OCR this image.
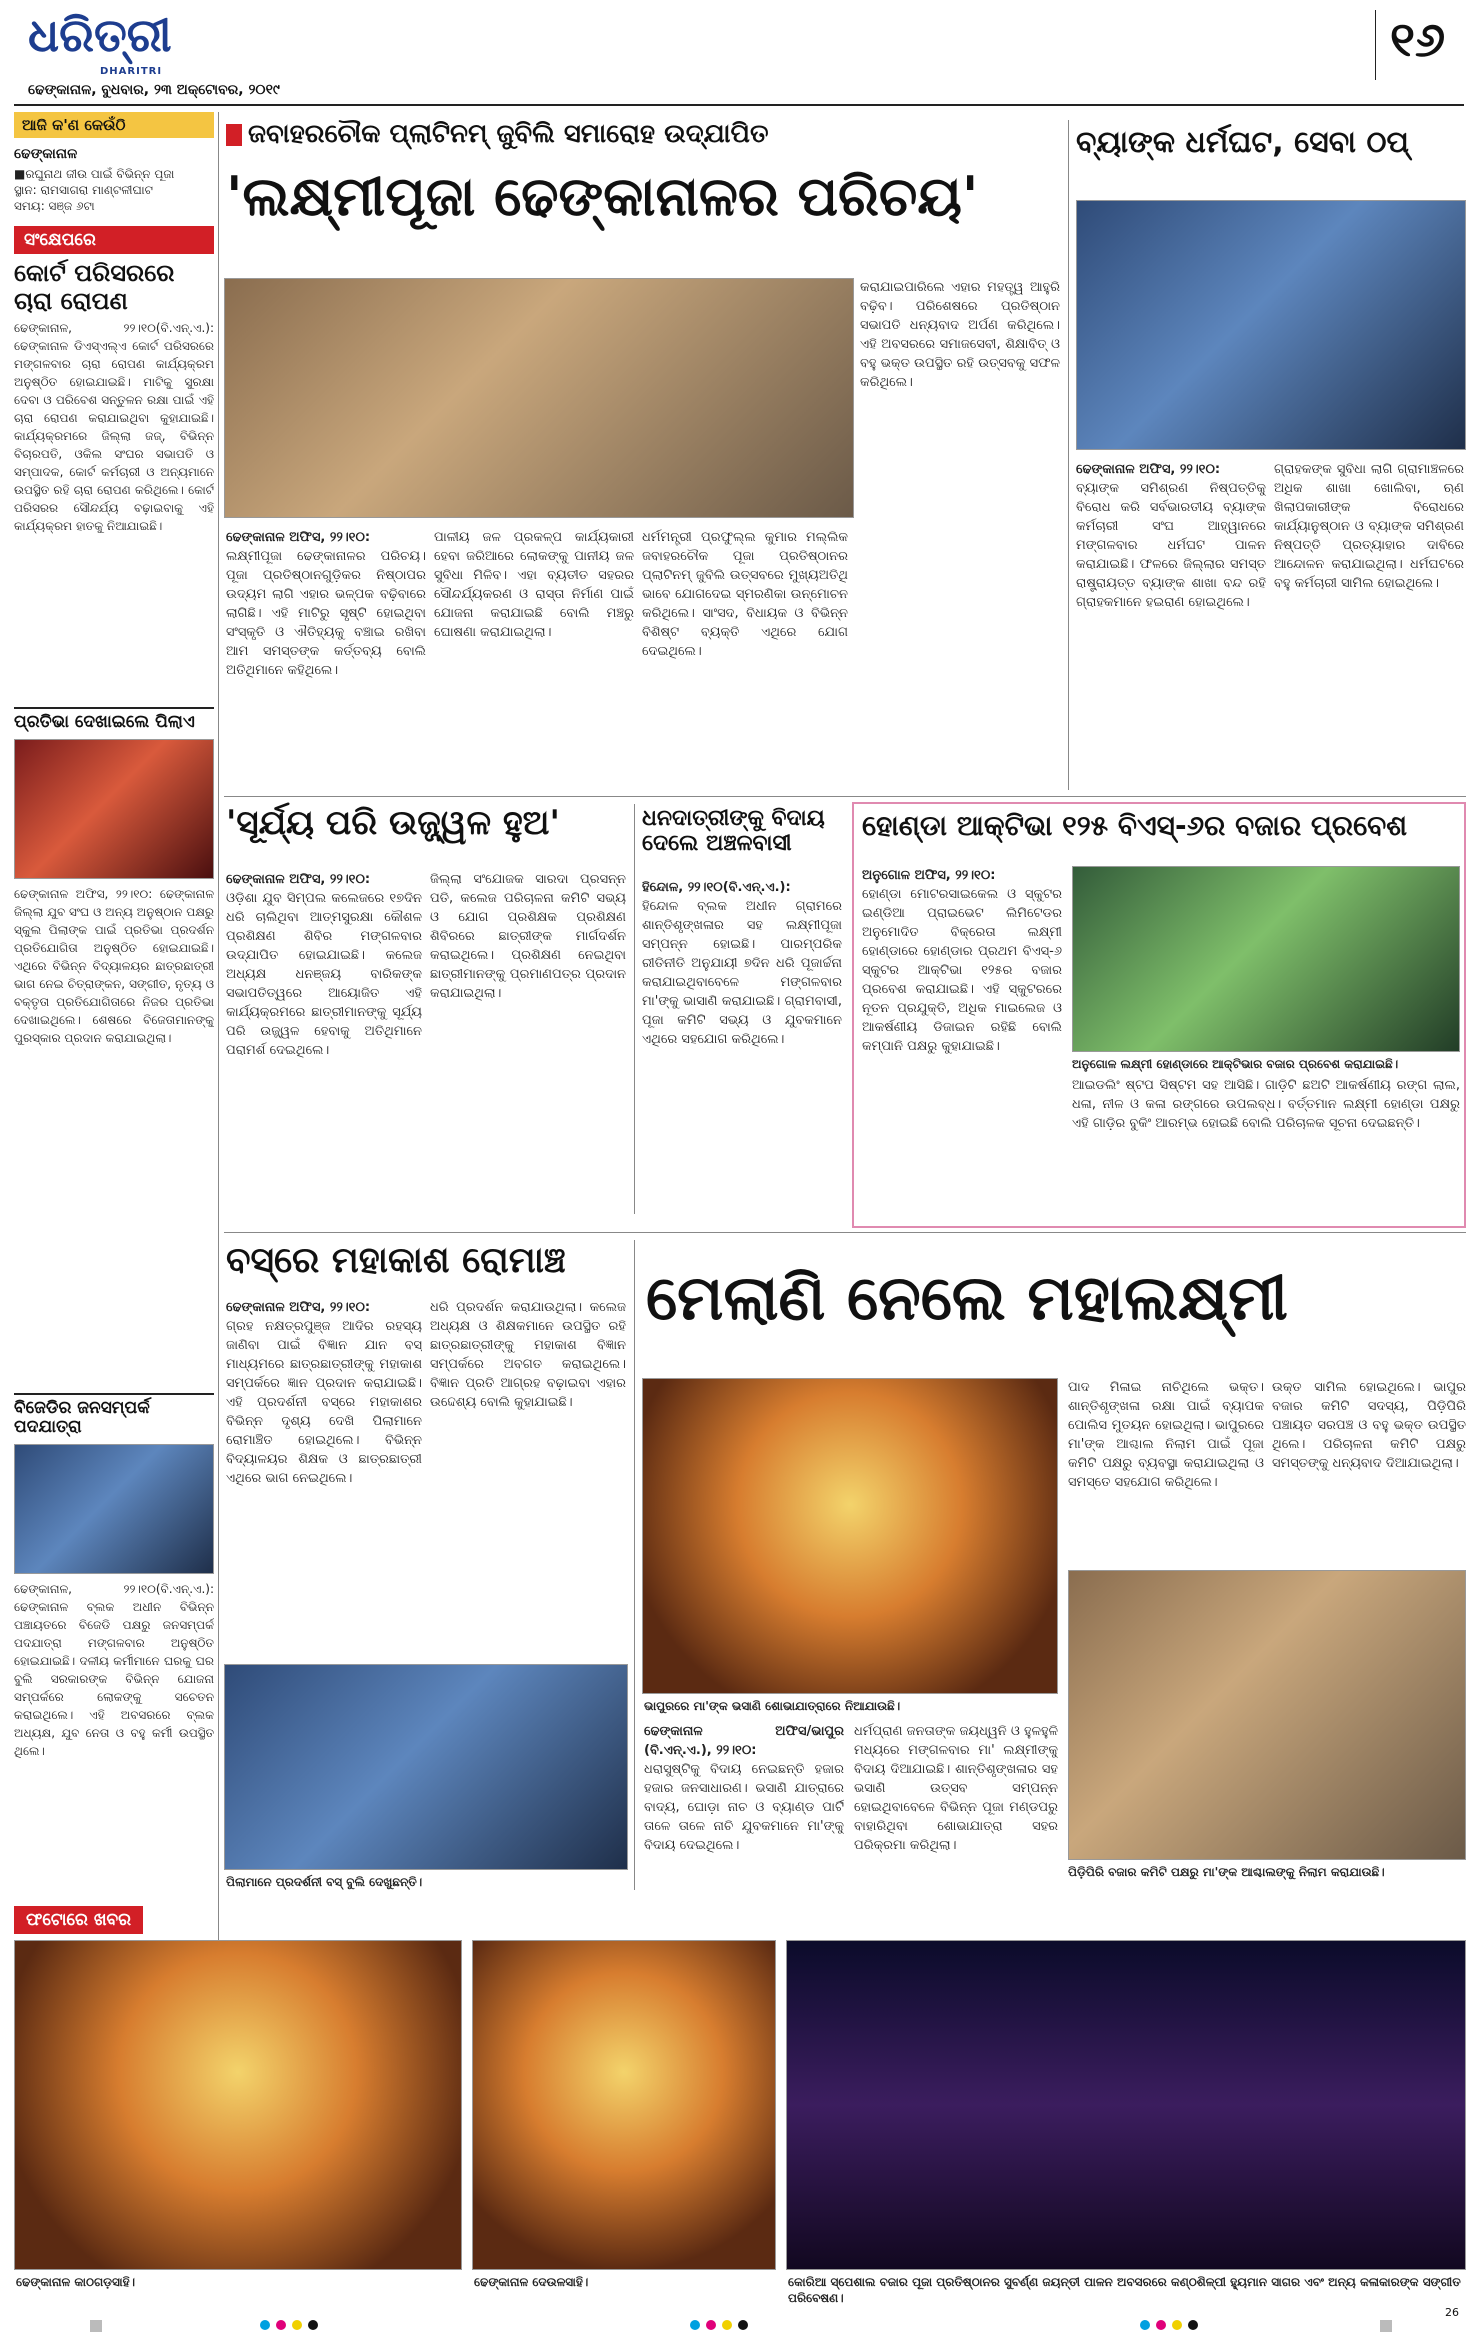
ଧରିତ୍ରୀ
DHARITRI
ଢେଙ୍କାନାଳ, ବୁଧବାର, ୨୩ ଅକ୍ଟୋବର, ୨୦୧୯
୧୬
ଆଜି କ'ଣ କେଉଁଠି
ଢେଙ୍କାନାଳ
■ରଘୁନାଥ ଜୀଉ ପାଇଁ ବିଭିନ୍ନ ପୂଜା
ସ୍ଥାନ: ରାମସାଗରା ମାଣ୍ଟଳୀଘାଟ
ସମୟ: ସଞ୍ଜ ୬ଟା
ସଂକ୍ଷେପରେ
କୋର୍ଟ ପରିସରରେ ଚାରା ରୋପଣ
ଢେଙ୍କାନାଳ, ୨୨।୧୦(ବି.ଏନ୍.ଏ.): ଢେଙ୍କାନାଳ ଡିଏସ୍ଏଲ୍ଏ କୋର୍ଟ ପରିସରରେ ମଙ୍ଗଳବାର ଚାରା ରୋପଣ କାର୍ଯ୍ୟକ୍ରମ ଅନୁଷ୍ଠିତ ହୋଇଯାଇଛି। ମାଟିକୁ ସୁରକ୍ଷା ଦେବା ଓ ପରିବେଶ ସନ୍ତୁଳନ ରକ୍ଷା ପାଇଁ ଏହି ଚାରା ରୋପଣ କରାଯାଇଥିବା କୁହାଯାଇଛି। କାର୍ଯ୍ୟକ୍ରମରେ ଜିଲ୍ଲା ଜଜ୍, ବିଭିନ୍ନ ବିଚାରପତି, ଓକିଲ ସଂଘର ସଭାପତି ଓ ସମ୍ପାଦକ, କୋର୍ଟ କର୍ମଚାରୀ ଓ ଅନ୍ୟମାନେ ଉପସ୍ଥିତ ରହି ଚାରା ରୋପଣ କରିଥିଲେ। କୋର୍ଟ ପରିସରର ସୌନ୍ଦର୍ଯ୍ୟ ବଢ଼ାଇବାକୁ ଏହି କାର୍ଯ୍ୟକ୍ରମ ହାତକୁ ନିଆଯାଇଛି।
ପ୍ରତିଭା ଦେଖାଇଲେ ପିଲାଏ
ଢେଙ୍କାନାଳ ଅଫିସ, ୨୨।୧୦: ଢେଙ୍କାନାଳ ଜିଲ୍ଲା ଯୁବ ସଂଘ ଓ ଅନ୍ୟ ଅନୁଷ୍ଠାନ ପକ୍ଷରୁ ସ୍କୁଲ ପିଲାଙ୍କ ପାଇଁ ପ୍ରତିଭା ପ୍ରଦର୍ଶନ ପ୍ରତିଯୋଗିତା ଅନୁଷ୍ଠିତ ହୋଇଯାଇଛି। ଏଥିରେ ବିଭିନ୍ନ ବିଦ୍ୟାଳୟର ଛାତ୍ରଛାତ୍ରୀ ଭାଗ ନେଇ ଚିତ୍ରାଙ୍କନ, ସଙ୍ଗୀତ, ନୃତ୍ୟ ଓ ବକ୍ତୃତା ପ୍ରତିଯୋଗିତାରେ ନିଜର ପ୍ରତିଭା ଦେଖାଇଥିଲେ। ଶେଷରେ ବିଜେତାମାନଙ୍କୁ ପୁରସ୍କାର ପ୍ରଦାନ କରାଯାଇଥିଲା।
ବିଜେଡିର ଜନସମ୍ପର୍କ ପଦଯାତ୍ରା
ଢେଙ୍କାନାଳ, ୨୨।୧୦(ବି.ଏନ୍.ଏ.): ଢେଙ୍କାନାଳ ବ୍ଲକ ଅଧୀନ ବିଭିନ୍ନ ପଞ୍ଚାୟତରେ ବିଜେଡି ପକ୍ଷରୁ ଜନସମ୍ପର୍କ ପଦଯାତ୍ରା ମଙ୍ଗଳବାର ଅନୁଷ୍ଠିତ ହୋଇଯାଇଛି। ଦଳୀୟ କର୍ମୀମାନେ ଘରକୁ ଘର ବୁଲି ସରକାରଙ୍କ ବିଭିନ୍ନ ଯୋଜନା ସମ୍ପର୍କରେ ଲୋକଙ୍କୁ ସଚେତନ କରାଇଥିଲେ। ଏହି ଅବସରରେ ବ୍ଲକ ଅଧ୍ୟକ୍ଷ, ଯୁବ ନେତା ଓ ବହୁ କର୍ମୀ ଉପସ୍ଥିତ ଥିଲେ।
ଜବାହରଚୌକ ପ୍ଲାଟିନମ୍ ଜୁବିଲି ସମାରୋହ ଉଦ୍‌ଯାପିତ
'ଲକ୍ଷ୍ମୀପୂଜା ଢେଙ୍କାନାଳର ପରିଚୟ'
ଢେଙ୍କାନାଳ ଅଫିସ, ୨୨।୧୦:
ଲକ୍ଷ୍ମୀପୂଜା ଢେଙ୍କାନାଳର ପରିଚୟ। ପୂଜା ପ୍ରତିଷ୍ଠାନଗୁଡ଼ିକର ନିଷ୍ଠାପର ଉଦ୍ୟମ ଲାଗି ଏହାର ଭଳ୍ପକ ବଢ଼ିବାରେ ଲାଗିଛି। ଏହି ମାଟିରୁ ସୃଷ୍ଟି ହୋଇଥିବା ସଂସ୍କୃତି ଓ ଐତିହ୍ୟକୁ ବଞ୍ଚାଇ ରଖିବା ଆମ ସମସ୍ତଙ୍କ କର୍ତ୍ତବ୍ୟ ବୋଲି ଅତିଥିମାନେ କହିଥିଲେ।
ପାଳୀୟ ଜଳ ପ୍ରକଳ୍ପ କାର୍ଯ୍ୟକାରୀ ହେବା ଜରିଆରେ ଲୋକଙ୍କୁ ପାନୀୟ ଜଳ ସୁବିଧା ମିଳିବ। ଏହା ବ୍ୟତୀତ ସହରର ସୌନ୍ଦର୍ଯ୍ୟକରଣ ଓ ରାସ୍ତା ନିର୍ମାଣ ପାଇଁ ଯୋଜନା କରାଯାଇଛି ବୋଲି ମଞ୍ଚରୁ ଘୋଷଣା କରାଯାଇଥିଲା।
ଧର୍ମମନ୍ତ୍ରୀ ପ୍ରଫୁଲ୍ଲ କୁମାର ମଲ୍ଲିକ ଜବାହରଚୌକ ପୂଜା ପ୍ରତିଷ୍ଠାନର ପ୍ଲାଟିନମ୍ ଜୁବିଲି ଉତ୍ସବରେ ମୁଖ୍ୟଅତିଥି ଭାବେ ଯୋଗଦେଇ ସ୍ମରଣିକା ଉନ୍ମୋଚନ କରିଥିଲେ। ସାଂସଦ, ବିଧାୟକ ଓ ବିଭିନ୍ନ ବିଶିଷ୍ଟ ବ୍ୟକ୍ତି ଏଥିରେ ଯୋଗ ଦେଇଥିଲେ।
କରାଯାଇପାରିଲେ ଏହାର ମହତ୍ତ୍ୱ ଆହୁରି ବଢ଼ିବ। ପରିଶେଷରେ ପ୍ରତିଷ୍ଠାନ ସଭାପତି ଧନ୍ୟବାଦ ଅର୍ପଣ କରିଥିଲେ। ଏହି ଅବସରରେ ସମାଜସେବୀ, ଶିକ୍ଷାବିତ୍ ଓ ବହୁ ଭକ୍ତ ଉପସ୍ଥିତ ରହି ଉତ୍ସବକୁ ସଫଳ କରିଥିଲେ।
ବ୍ୟାଙ୍କ ଧର୍ମଘଟ, ସେବା ଠପ୍
ଢେଙ୍କାନାଳ ଅଫିସ, ୨୨।୧୦:
ବ୍ୟାଙ୍କ ସମିଶ୍ରଣ ନିଷ୍ପତ୍ତିକୁ ବିରୋଧ କରି ସର୍ବଭାରତୀୟ ବ୍ୟାଙ୍କ କର୍ମଚାରୀ ସଂଘ ଆହ୍ୱାନରେ ମଙ୍ଗଳବାର ଧର୍ମଘଟ ପାଳନ କରାଯାଇଛି। ଫଳରେ ଜିଲ୍ଲାର ସମସ୍ତ ରାଷ୍ଟ୍ରାୟତ୍ତ ବ୍ୟାଙ୍କ ଶାଖା ବନ୍ଦ ରହି ଗ୍ରାହକମାନେ ହଇରାଣ ହୋଇଥିଲେ।
ଗ୍ରାହକଙ୍କ ସୁବିଧା ଲାଗି ଗ୍ରାମାଞ୍ଚଳରେ ଅଧିକ ଶାଖା ଖୋଲିବା, ଋଣ ଖିଲାପକାରୀଙ୍କ ବିରୋଧରେ କାର୍ଯ୍ୟାନୁଷ୍ଠାନ ଓ ବ୍ୟାଙ୍କ ସମିଶ୍ରଣ ନିଷ୍ପତ୍ତି ପ୍ରତ୍ୟାହାର ଦାବିରେ ଆନ୍ଦୋଳନ କରାଯାଇଥିଲା। ଧର୍ମଘଟରେ ବହୁ କର୍ମଚାରୀ ସାମିଲ ହୋଇଥିଲେ।
'ସୂର୍ଯ୍ୟ ପରି ଉଜ୍ଜ୍ୱଳ ହୁଅ'
ଢେଙ୍କାନାଳ ଅଫିସ, ୨୨।୧୦:
ଓଡ଼ିଶା ଯୁବ ସିମ୍ପଲ କଲେଜରେ ୧୭ଦିନ ଧରି ଚାଲିଥିବା ଆତ୍ମସୁରକ୍ଷା କୌଶଳ ପ୍ରଶିକ୍ଷଣ ଶିବିର ମଙ୍ଗଳବାର ଉଦ୍‌ଯାପିତ ହୋଇଯାଇଛି। କଲେଜ ଅଧ୍ୟକ୍ଷ ଧନଞ୍ଜୟ ବାରିକଙ୍କ ସଭାପତିତ୍ୱରେ ଆୟୋଜିତ ଏହି କାର୍ଯ୍ୟକ୍ରମରେ ଛାତ୍ରୀମାନଙ୍କୁ ସୂର୍ଯ୍ୟ ପରି ଉଜ୍ଜ୍ୱଳ ହେବାକୁ ଅତିଥିମାନେ ପରାମର୍ଶ ଦେଇଥିଲେ।
ଜିଲ୍ଲା ସଂଯୋଜକ ସାରଦା ପ୍ରସନ୍ନ ପତି, କଲେଜ ପରିଚାଳନା କମିଟି ସଭ୍ୟ ଓ ଯୋଗ ପ୍ରଶିକ୍ଷକ ପ୍ରଶିକ୍ଷଣ ଶିବିରରେ ଛାତ୍ରୀଙ୍କ ମାର୍ଗଦର୍ଶନ କରାଇଥିଲେ। ପ୍ରଶିକ୍ଷଣ ନେଇଥିବା ଛାତ୍ରୀମାନଙ୍କୁ ପ୍ରମାଣପତ୍ର ପ୍ରଦାନ କରାଯାଇଥିଲା।
ଧନଦାତ୍ରୀଙ୍କୁ ବିଦାୟ ଦେଲେ ଅଞ୍ଚଳବାସୀ
ହିନ୍ଦୋଳ, ୨୨।୧୦(ବି.ଏନ୍.ଏ.):
ହିନ୍ଦୋଳ ବ୍ଲକ ଅଧୀନ ଗ୍ରାମରେ ଶାନ୍ତିଶୃଙ୍ଖଳାର ସହ ଲକ୍ଷ୍ମୀପୂଜା ସମ୍ପନ୍ନ ହୋଇଛି। ପାରମ୍ପରିକ ରୀତିନୀତି ଅନୁଯାୟୀ ୭ଦିନ ଧରି ପୂଜାର୍ଚ୍ଚନା କରାଯାଇଥିବାବେଳେ ମଙ୍ଗଳବାର ମା'ଙ୍କୁ ଭାସାଣି କରାଯାଇଛି। ଗ୍ରାମବାସୀ, ପୂଜା କମିଟି ସଭ୍ୟ ଓ ଯୁବକମାନେ ଏଥିରେ ସହଯୋଗ କରିଥିଲେ।
ହୋଣ୍ଡା ଆକ୍ଟିଭା ୧୨୫ ବିଏସ୍-୬ର ବଜାର ପ୍ରବେଶ
ଅନୁଗୋଳ ଅଫିସ, ୨୨।୧୦:
ହୋଣ୍ଡା ମୋଟରସାଇକେଲ ଓ ସ୍କୁଟର ଇଣ୍ଡିଆ ପ୍ରାଇଭେଟ ଲିମିଟେଡର ଅନୁମୋଦିତ ବିକ୍ରେତା ଲକ୍ଷ୍ମୀ ହୋଣ୍ଡାରେ ହୋଣ୍ଡାର ପ୍ରଥମ ବିଏସ୍-୬ ସ୍କୁଟର ଆକ୍ଟିଭା ୧୨୫ର ବଜାର ପ୍ରବେଶ କରାଯାଇଛି। ଏହି ସ୍କୁଟରରେ ନୂତନ ପ୍ରଯୁକ୍ତି, ଅଧିକ ମାଇଲେଜ ଓ ଆକର୍ଷଣୀୟ ଡିଜାଇନ ରହିଛି ବୋଲି କମ୍ପାନି ପକ୍ଷରୁ କୁହାଯାଇଛି।
ଅନୁଗୋଳ ଲକ୍ଷ୍ମୀ ହୋଣ୍ଡାରେ ଆକ୍ଟିଭାର ବଜାର ପ୍ରବେଶ କରାଯାଇଛି।
ଆଇଡଲିଂ ଷ୍ଟପ ସିଷ୍ଟମ ସହ ଆସିଛି। ଗାଡ଼ିଟି ଛଅଟି ଆକର୍ଷଣୀୟ ରଙ୍ଗ ଲାଲ, ଧଳା, ନୀଳ ଓ କଳା ରଙ୍ଗରେ ଉପଲବ୍ଧ। ବର୍ତ୍ତମାନ ଲକ୍ଷ୍ମୀ ହୋଣ୍ଡା ପକ୍ଷରୁ ଏହି ଗାଡ଼ିର ବୁକିଂ ଆରମ୍ଭ ହୋଇଛି ବୋଲି ପରିଚାଳକ ସୂଚନା ଦେଇଛନ୍ତି।
ବସ୍‌ରେ ମହାକାଶ ରୋମାଞ୍ଚ
ଢେଙ୍କାନାଳ ଅଫିସ, ୨୨।୧୦:
ଗ୍ରହ ନକ୍ଷତ୍ରପୁଞ୍ଜ ଆଦିର ରହସ୍ୟ ଜାଣିବା ପାଇଁ ବିଜ୍ଞାନ ଯାନ ବସ୍ ମାଧ୍ୟମରେ ଛାତ୍ରଛାତ୍ରୀଙ୍କୁ ମହାକାଶ ସମ୍ପର୍କରେ ଜ୍ଞାନ ପ୍ରଦାନ କରାଯାଇଛି। ଏହି ପ୍ରଦର୍ଶନୀ ବସ୍‌ରେ ମହାକାଶର ବିଭିନ୍ନ ଦୃଶ୍ୟ ଦେଖି ପିଲାମାନେ ରୋମାଞ୍ଚିତ ହୋଇଥିଲେ। ବିଭିନ୍ନ ବିଦ୍ୟାଳୟର ଶିକ୍ଷକ ଓ ଛାତ୍ରଛାତ୍ରୀ ଏଥିରେ ଭାଗ ନେଇଥିଲେ।
ଧରି ପ୍ରଦର୍ଶନ କରାଯାଉଥିଲା। କଲେଜ ଅଧ୍ୟକ୍ଷ ଓ ଶିକ୍ଷକମାନେ ଉପସ୍ଥିତ ରହି ଛାତ୍ରଛାତ୍ରୀଙ୍କୁ ମହାକାଶ ବିଜ୍ଞାନ ସମ୍ପର୍କରେ ଅବଗତ କରାଇଥିଲେ। ବିଜ୍ଞାନ ପ୍ରତି ଆଗ୍ରହ ବଢ଼ାଇବା ଏହାର ଉଦ୍ଦେଶ୍ୟ ବୋଲି କୁହାଯାଇଛି।
ପିଲାମାନେ ପ୍ରଦର୍ଶନୀ ବସ୍ ବୁଲି ଦେଖୁଛନ୍ତି।
ମେଲାଣି ନେଲେ ମହାଲକ୍ଷ୍ମୀ
ଭାପୁରରେ ମା'ଙ୍କ ଭସାଣି ଶୋଭାଯାତ୍ରାରେ ନିଆଯାଉଛି।
ଢେଙ୍କାନାଳ ଅଫିସ/ଭାପୁର (ବି.ଏନ୍.ଏ.), ୨୨।୧୦:
ଧରାସୁଷ୍ଟିକୁ ବିଦାୟ ନେଇଛନ୍ତି ହଜାର ହଜାର ଜନସାଧାରଣ। ଭସାଣି ଯାତ୍ରାରେ ବାଦ୍ୟ, ଘୋଡ଼ା ନାଚ ଓ ବ୍ୟାଣ୍ଡ ପାର୍ଟି ତାଳେ ତାଳେ ନାଚି ଯୁବକମାନେ ମା'ଙ୍କୁ ବିଦାୟ ଦେଇଥିଲେ।
ଧର୍ମପ୍ରାଣ ଜନତାଙ୍କ ଜୟଧ୍ୱନି ଓ ହୁଳହୁଳି ମଧ୍ୟରେ ମଙ୍ଗଳବାର ମା' ଲକ୍ଷ୍ମୀଙ୍କୁ ବିଦାୟ ଦିଆଯାଇଛି। ଶାନ୍ତିଶୃଙ୍ଖଳାର ସହ ଭସାଣି ଉତ୍ସବ ସମ୍ପନ୍ନ ହୋଇଥିବାବେଳେ ବିଭିନ୍ନ ପୂଜା ମଣ୍ଡପରୁ ବାହାରିଥିବା ଶୋଭାଯାତ୍ରା ସହର ପରିକ୍ରମା କରିଥିଲା।
ପାଦ ମିଳାଇ ନାଚିଥିଲେ ଭକ୍ତ। ଶାନ୍ତିଶୃଙ୍ଖଳା ରକ୍ଷା ପାଇଁ ବ୍ୟାପକ ପୋଲିସ ମୁତୟନ ହୋଇଥିଲା। ଭାପୁରରେ ମା'ଙ୍କ ଆଶ୍ଚାଲ ନିଲାମ ପାଇଁ ପୂଜା କମିଟି ପକ୍ଷରୁ ବ୍ୟବସ୍ଥା କରାଯାଇଥିଲା ଓ ସମସ୍ତେ ସହଯୋଗ କରିଥିଲେ।
ଉକ୍ତ ସାମିଲ ହୋଇଥିଲେ। ଭାପୁର ବଜାର କମିଟି ସଦସ୍ୟ, ପିଡ଼ିପିରି ପଞ୍ଚାୟତ ସରପଞ୍ଚ ଓ ବହୁ ଭକ୍ତ ଉପସ୍ଥିତ ଥିଲେ। ପରିଚାଳନା କମିଟି ପକ୍ଷରୁ ସମସ୍ତଙ୍କୁ ଧନ୍ୟବାଦ ଦିଆଯାଇଥିଲା।
ପିଡ଼ିପିରି ବଜାର କମିଟି ପକ୍ଷରୁ ମା'ଙ୍କ ଆଶ୍ଚାଲଙ୍କୁ ନିଲାମ କରାଯାଉଛି।
ଫଟୋରେ ଖବର
ଢେଙ୍କାନାଳ କାଠଗଡ଼ସାହି।	ଢେଙ୍କାନାଳ ଦେଉଳସାହି।	କୋରିଆ ସ୍ପେଶାଲ ବଜାର ପୂଜା ପ୍ରତିଷ୍ଠାନର ସୁବର୍ଣ୍ଣ ଜୟନ୍ତୀ ପାଳନ ଅବସରରେ କଣ୍ଠଶିଳ୍ପୀ ହ୍ୟୁମାନ ସାଗର ଏବଂ ଅନ୍ୟ କଳାକାରଙ୍କ ସଙ୍ଗୀତ ପରିବେଷଣ।
26
